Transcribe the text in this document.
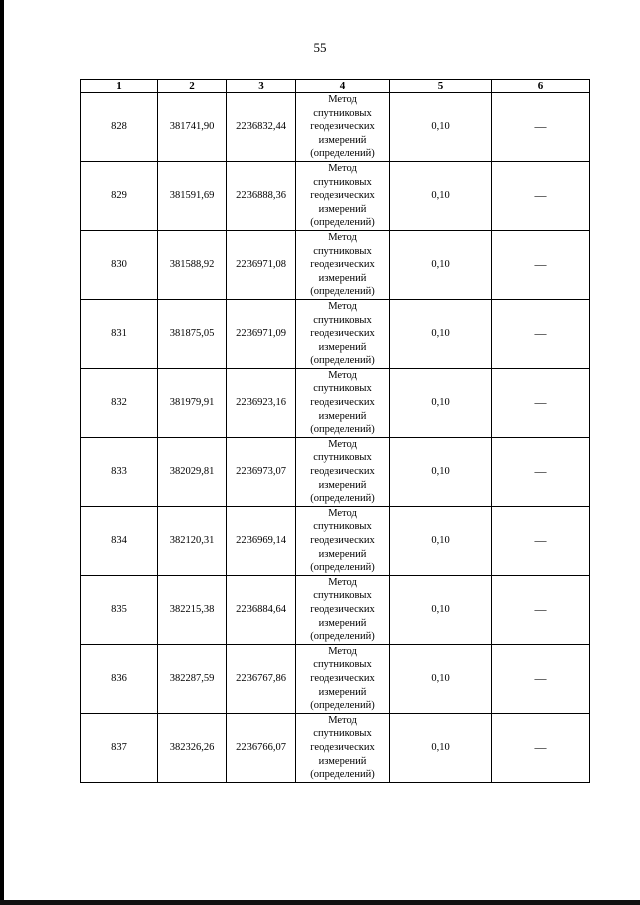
55
1	2	3	4	5	6
828	381741,90	2236832,44	Метод
спутниковых
геодезических
измерений
(определений)	0,10	—
829	381591,69	2236888,36	Метод
спутниковых
геодезических
измерений
(определений)	0,10	—
830	381588,92	2236971,08	Метод
спутниковых
геодезических
измерений
(определений)	0,10	—
831	381875,05	2236971,09	Метод
спутниковых
геодезических
измерений
(определений)	0,10	—
832	381979,91	2236923,16	Метод
спутниковых
геодезических
измерений
(определений)	0,10	—
833	382029,81	2236973,07	Метод
спутниковых
геодезических
измерений
(определений)	0,10	—
834	382120,31	2236969,14	Метод
спутниковых
геодезических
измерений
(определений)	0,10	—
835	382215,38	2236884,64	Метод
спутниковых
геодезических
измерений
(определений)	0,10	—
836	382287,59	2236767,86	Метод
спутниковых
геодезических
измерений
(определений)	0,10	—
837	382326,26	2236766,07	Метод
спутниковых
геодезических
измерений
(определений)	0,10	—
